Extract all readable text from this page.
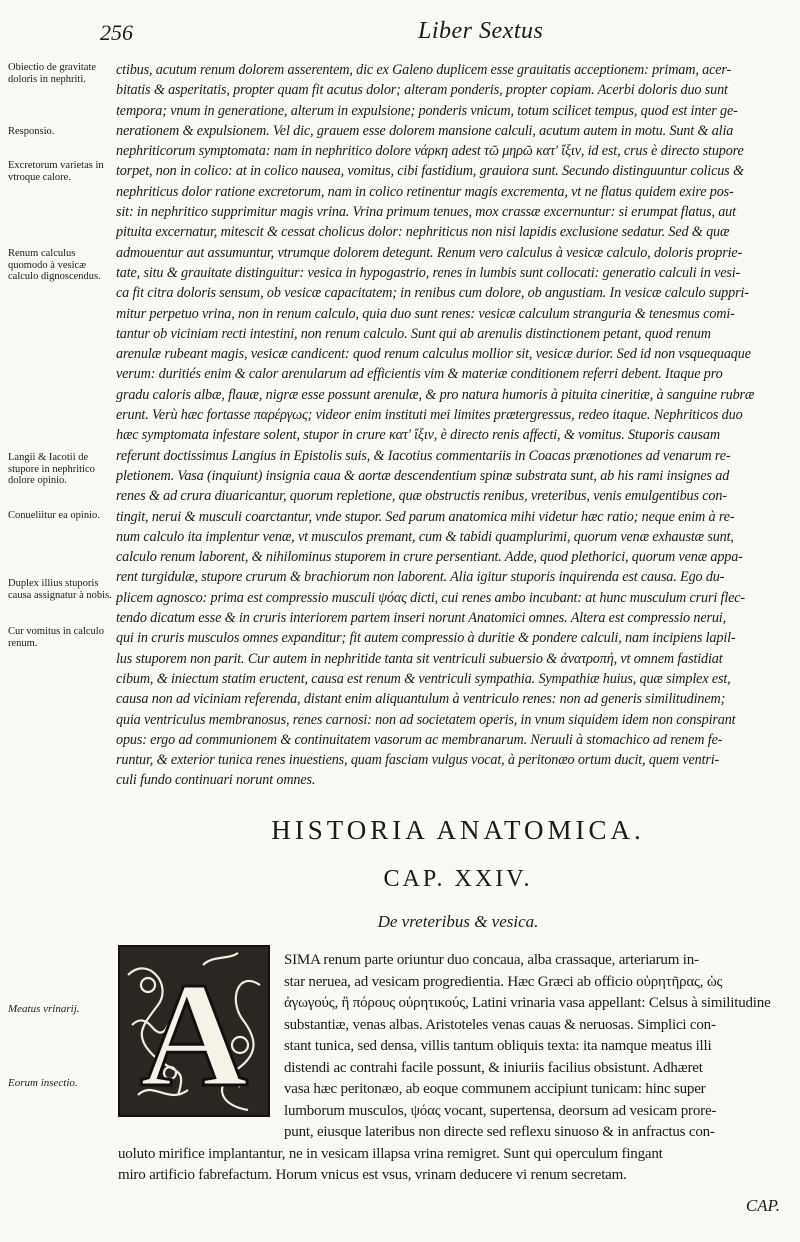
256	Liber Sextus
Obiectio de gravitate doloris in nephriti.
Responsio.
Excretorum varietas in vtroque calore.
Renum calculus quomodo à vesicæ calculo dignoscendus.
Langii & Iacotii de stupore in nephritico dolore opinio.
Conueliitur ea opinio.
Duplex illius stuporis causa assignatur à nobis.
Cur vomitus in calculo renum.
Meatus vrinarij.
Eorum insectio.
ctibus, acutum renum dolorem asserentem, dic ex Galeno duplicem esse grauitatis acceptionem: primam, acer-
bitatis & asperitatis, propter quam fit acutus dolor; alteram ponderis, propter copiam. Acerbi doloris duo sunt
tempora; vnum in generatione, alterum in expulsione; ponderis vnicum, totum scilicet tempus, quod est inter ge-
nerationem & expulsionem. Vel dic, grauem esse dolorem mansione calculi, acutum autem in motu. Sunt & alia
nephriticorum symptomata: nam in nephritico dolore νάρκη adest τῶ μηρῶ κατ' ἴξιν, id est, crus è directo stupore
torpet, non in colico: at in colico nausea, vomitus, cibi fastidium, grauiora sunt. Secundo distinguuntur colicus &
nephriticus dolor ratione excretorum, nam in colico retinentur magis excrementa, vt ne flatus quidem exire pos-
sit: in nephritico supprimitur magis vrina. Vrina primum tenues, mox crassæ excernuntur: si erumpat flatus, aut
pituita excernatur, mitescit & cessat cholicus dolor: nephriticus non nisi lapidis exclusione sedatur. Sed & quæ
admouentur aut assumuntur, vtrumque dolorem detegunt. Renum vero calculus à vesicæ calculo, doloris proprie-
tate, situ & grauitate distinguitur: vesica in hypogastrio, renes in lumbis sunt collocati: generatio calculi in vesi-
ca fit citra doloris sensum, ob vesicæ capacitatem; in renibus cum dolore, ob angustiam. In vesicæ calculo suppri-
mitur perpetuo vrina, non in renum calculo, quia duo sunt renes: vesicæ calculum stranguria & tenesmus comi-
tantur ob viciniam recti intestini, non renum calculo. Sunt qui ab arenulis distinctionem petant, quod renum
arenulæ rubeant magis, vesicæ candicent: quod renum calculus mollior sit, vesicæ durior. Sed id non vsquequaque
verum: duritiés enim & calor arenularum ad efficientis vim & materiæ conditionem referri debent. Itaque pro
gradu caloris albæ, flauæ, nigræ esse possunt arenulæ, & pro natura humoris à pituita cineritiæ, à sanguine rubræ
erunt. Verù hæc fortasse παρέργως; videor enim instituti mei limites prætergressus, redeo itaque. Nephriticos duo
hæc symptomata infestare solent, stupor in crure κατ' ἴξιν, è directo renis affecti, & vomitus. Stuporis causam
referunt doctissimus Langius in Epistolis suis, & Iacotius commentariis in Coacas prænotiones ad venarum re-
pletionem. Vasa (inquiunt) insignia caua & aortæ descendentium spinæ substrata sunt, ab his rami insignes ad
renes & ad crura diuaricantur, quorum repletione, quæ obstructis renibus, vreteribus, venis emulgentibus con-
tingit, nerui & musculi coarctantur, vnde stupor. Sed parum anatomica mihi videtur hæc ratio; neque enim à re-
num calculo ita implentur venæ, vt musculos premant, cum & tabidi quamplurimi, quorum venæ exhaustæ sunt,
calculo renum laborent, & nihilominus stuporem in crure persentiant. Adde, quod plethorici, quorum venæ appa-
rent turgidulæ, stupore crurum & brachiorum non laborent. Alia igitur stuporis inquirenda est causa. Ego du-
plicem agnosco: prima est compressio musculi ψόας dicti, cui renes ambo incubant: at hunc musculum cruri flec-
tendo dicatum esse & in cruris interiorem partem inseri norunt Anatomici omnes. Altera est compressio nerui,
qui in cruris musculos omnes expanditur; fit autem compressio à duritie & pondere calculi, nam incipiens lapil-
lus stuporem non parit. Cur autem in nephritide tanta sit ventriculi subuersio & ἀνατροπή, vt omnem fastidiat
cibum, & iniectum statim eructent, causa est renum & ventriculi sympathia. Sympathiæ huius, quæ simplex est,
causa non ad viciniam referenda, distant enim aliquantulum à ventriculo renes: non ad generis similitudinem;
quia ventriculus membranosus, renes carnosi: non ad societatem operis, in vnum siquidem idem non conspirant
opus: ergo ad communionem & continuitatem vasorum ac membranarum. Neruuli à stomachico ad renem fe-
runtur, & exterior tunica renes inuestiens, quam fasciam vulgus vocat, à peritonæo ortum ducit, quem ventri-
culi fundo continuari norunt omnes.
HISTORIA ANATOMICA.
CAP. XXIV.
De vreteribus & vesica.
A	SIMA renum parte oriuntur duo concaua, alba crassaque, arteriarum in-
star neruea, ad vesicam progredientia. Hæc Græci ab officio οὐρητῆρας, ὡς
ἀγωγούς, ἢ πόρους οὐρητικούς, Latini vrinaria vasa appellant: Celsus à similitudine
substantiæ, venas albas. Aristoteles venas cauas & neruosas. Simplici con-
stant tunica, sed densa, villis tantum obliquis texta: ita namque meatus illi
distendi ac contrahi facile possunt, & iniuriis facilius obsistunt. Adhæret
vasa hæc peritonæo, ab eoque communem accipiunt tunicam: hinc super
lumborum musculos, ψόας vocant, supertensa, deorsum ad vesicam prore-
punt, eiusque lateribus non directe sed reflexu sinuoso & in anfractus con-
uoluto mirifice implantantur, ne in vesicam illapsa vrina remigret. Sunt qui operculum fingant
miro artificio fabrefactum. Horum vnicus est vsus, vrinam deducere vi renum secretam.
CAP.
